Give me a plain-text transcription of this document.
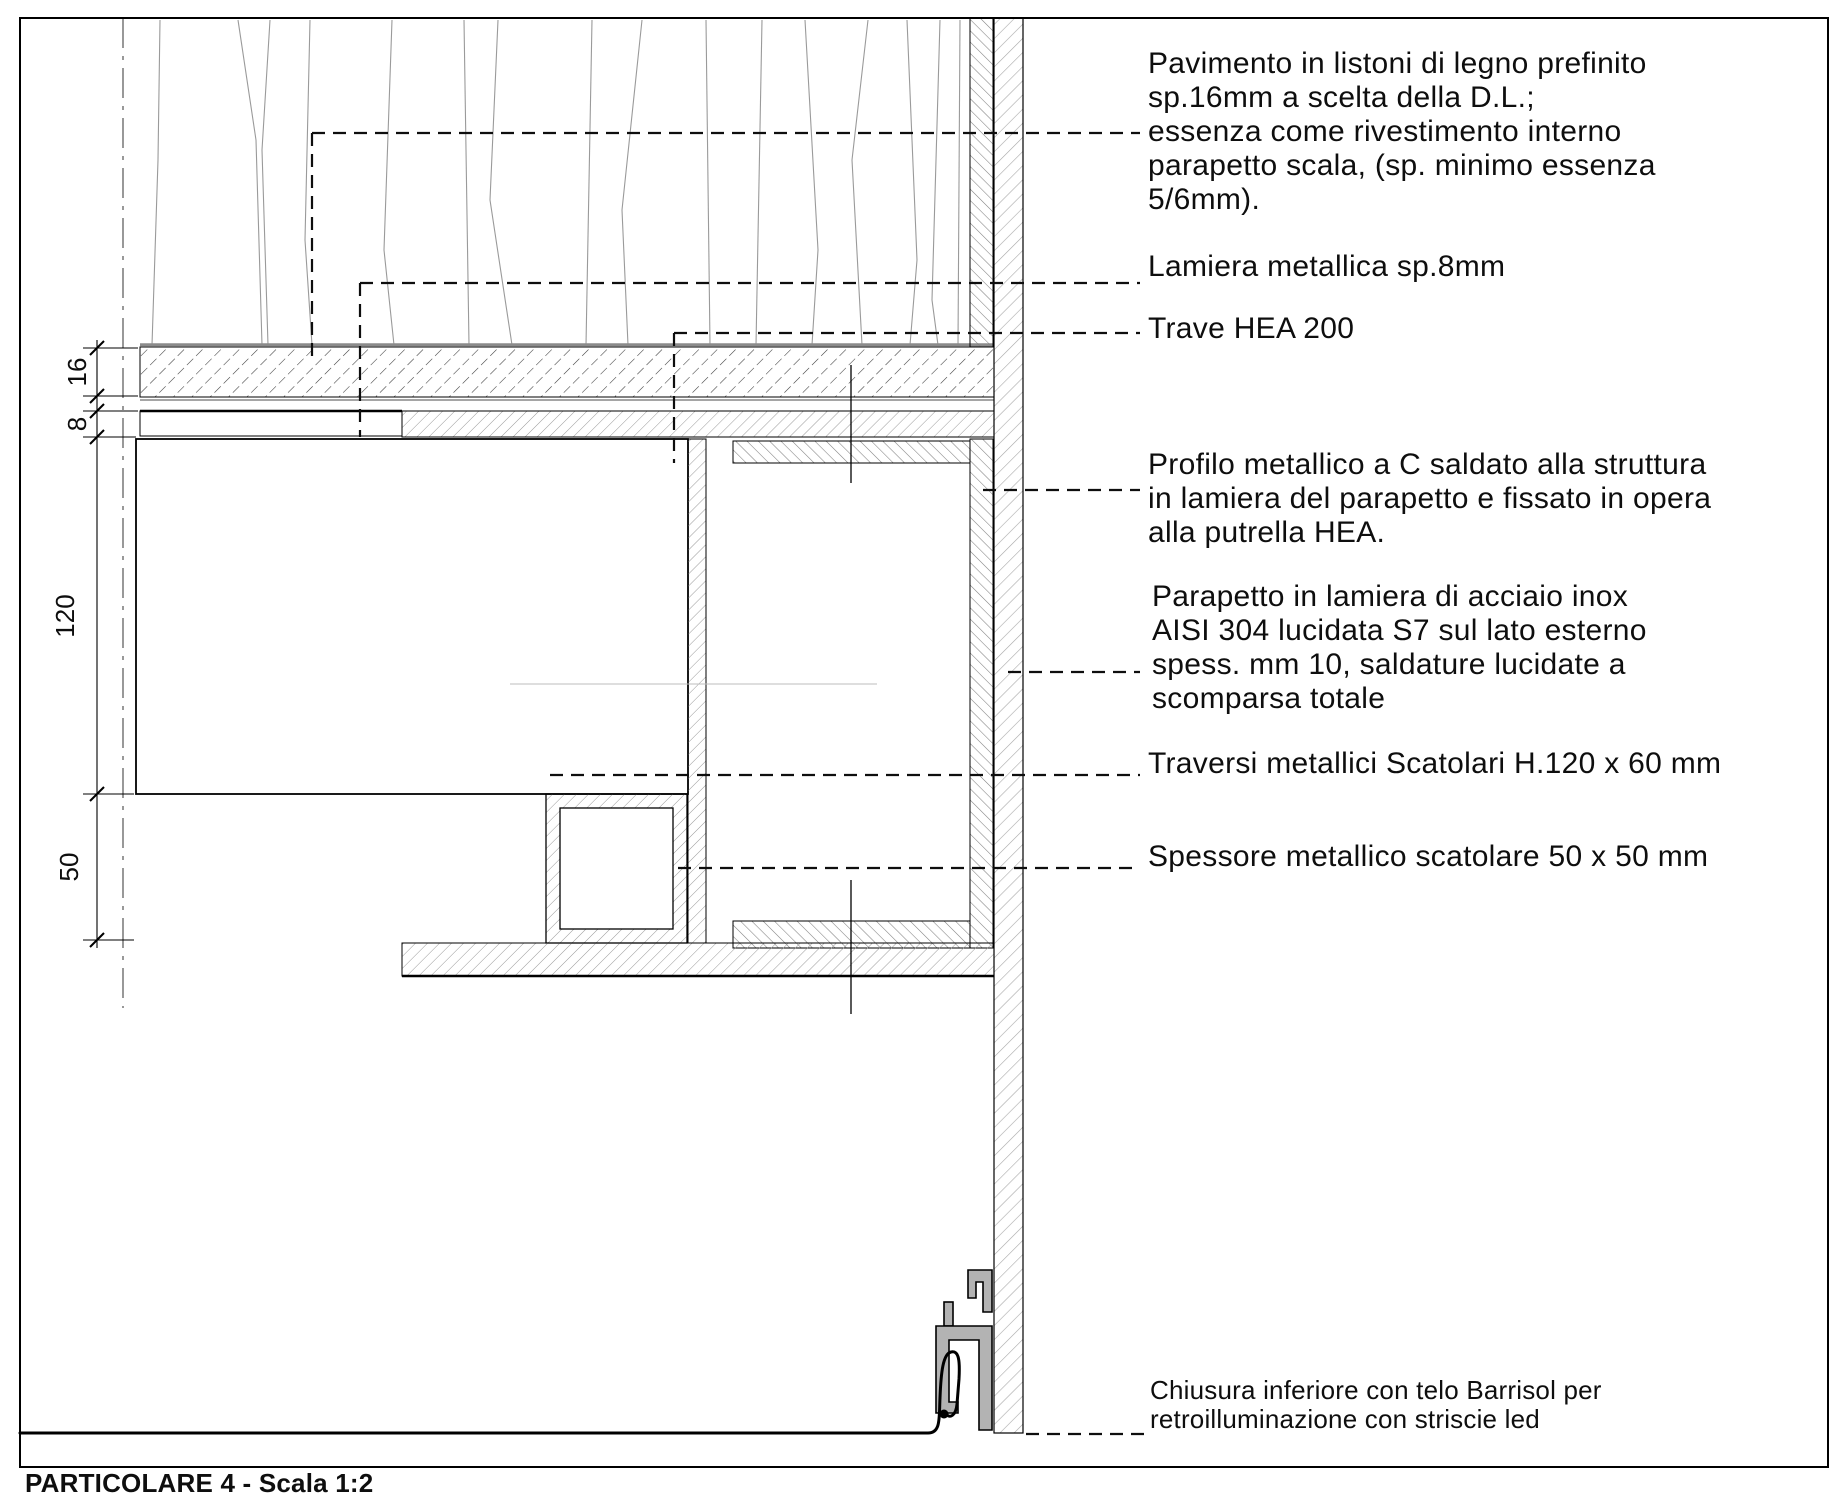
16
8
120
50
Pavimento in listoni di legno prefinito
sp.16mm a scelta della D.L.;
essenza come rivestimento interno
parapetto scala, (sp. minimo essenza
5/6mm).
Lamiera metallica sp.8mm
Trave HEA 200
Profilo metallico a C saldato alla struttura
in lamiera del parapetto e fissato in opera
alla putrella HEA.
Parapetto in lamiera di acciaio inox
AISI 304 lucidata S7 sul lato esterno
spess. mm 10, saldature lucidate a
scomparsa totale
Traversi metallici Scatolari H.120 x 60 mm
Spessore metallico scatolare 50 x 50 mm
Chiusura inferiore con telo Barrisol per
retroilluminazione con striscie led
PARTICOLARE 4 - Scala 1:2
